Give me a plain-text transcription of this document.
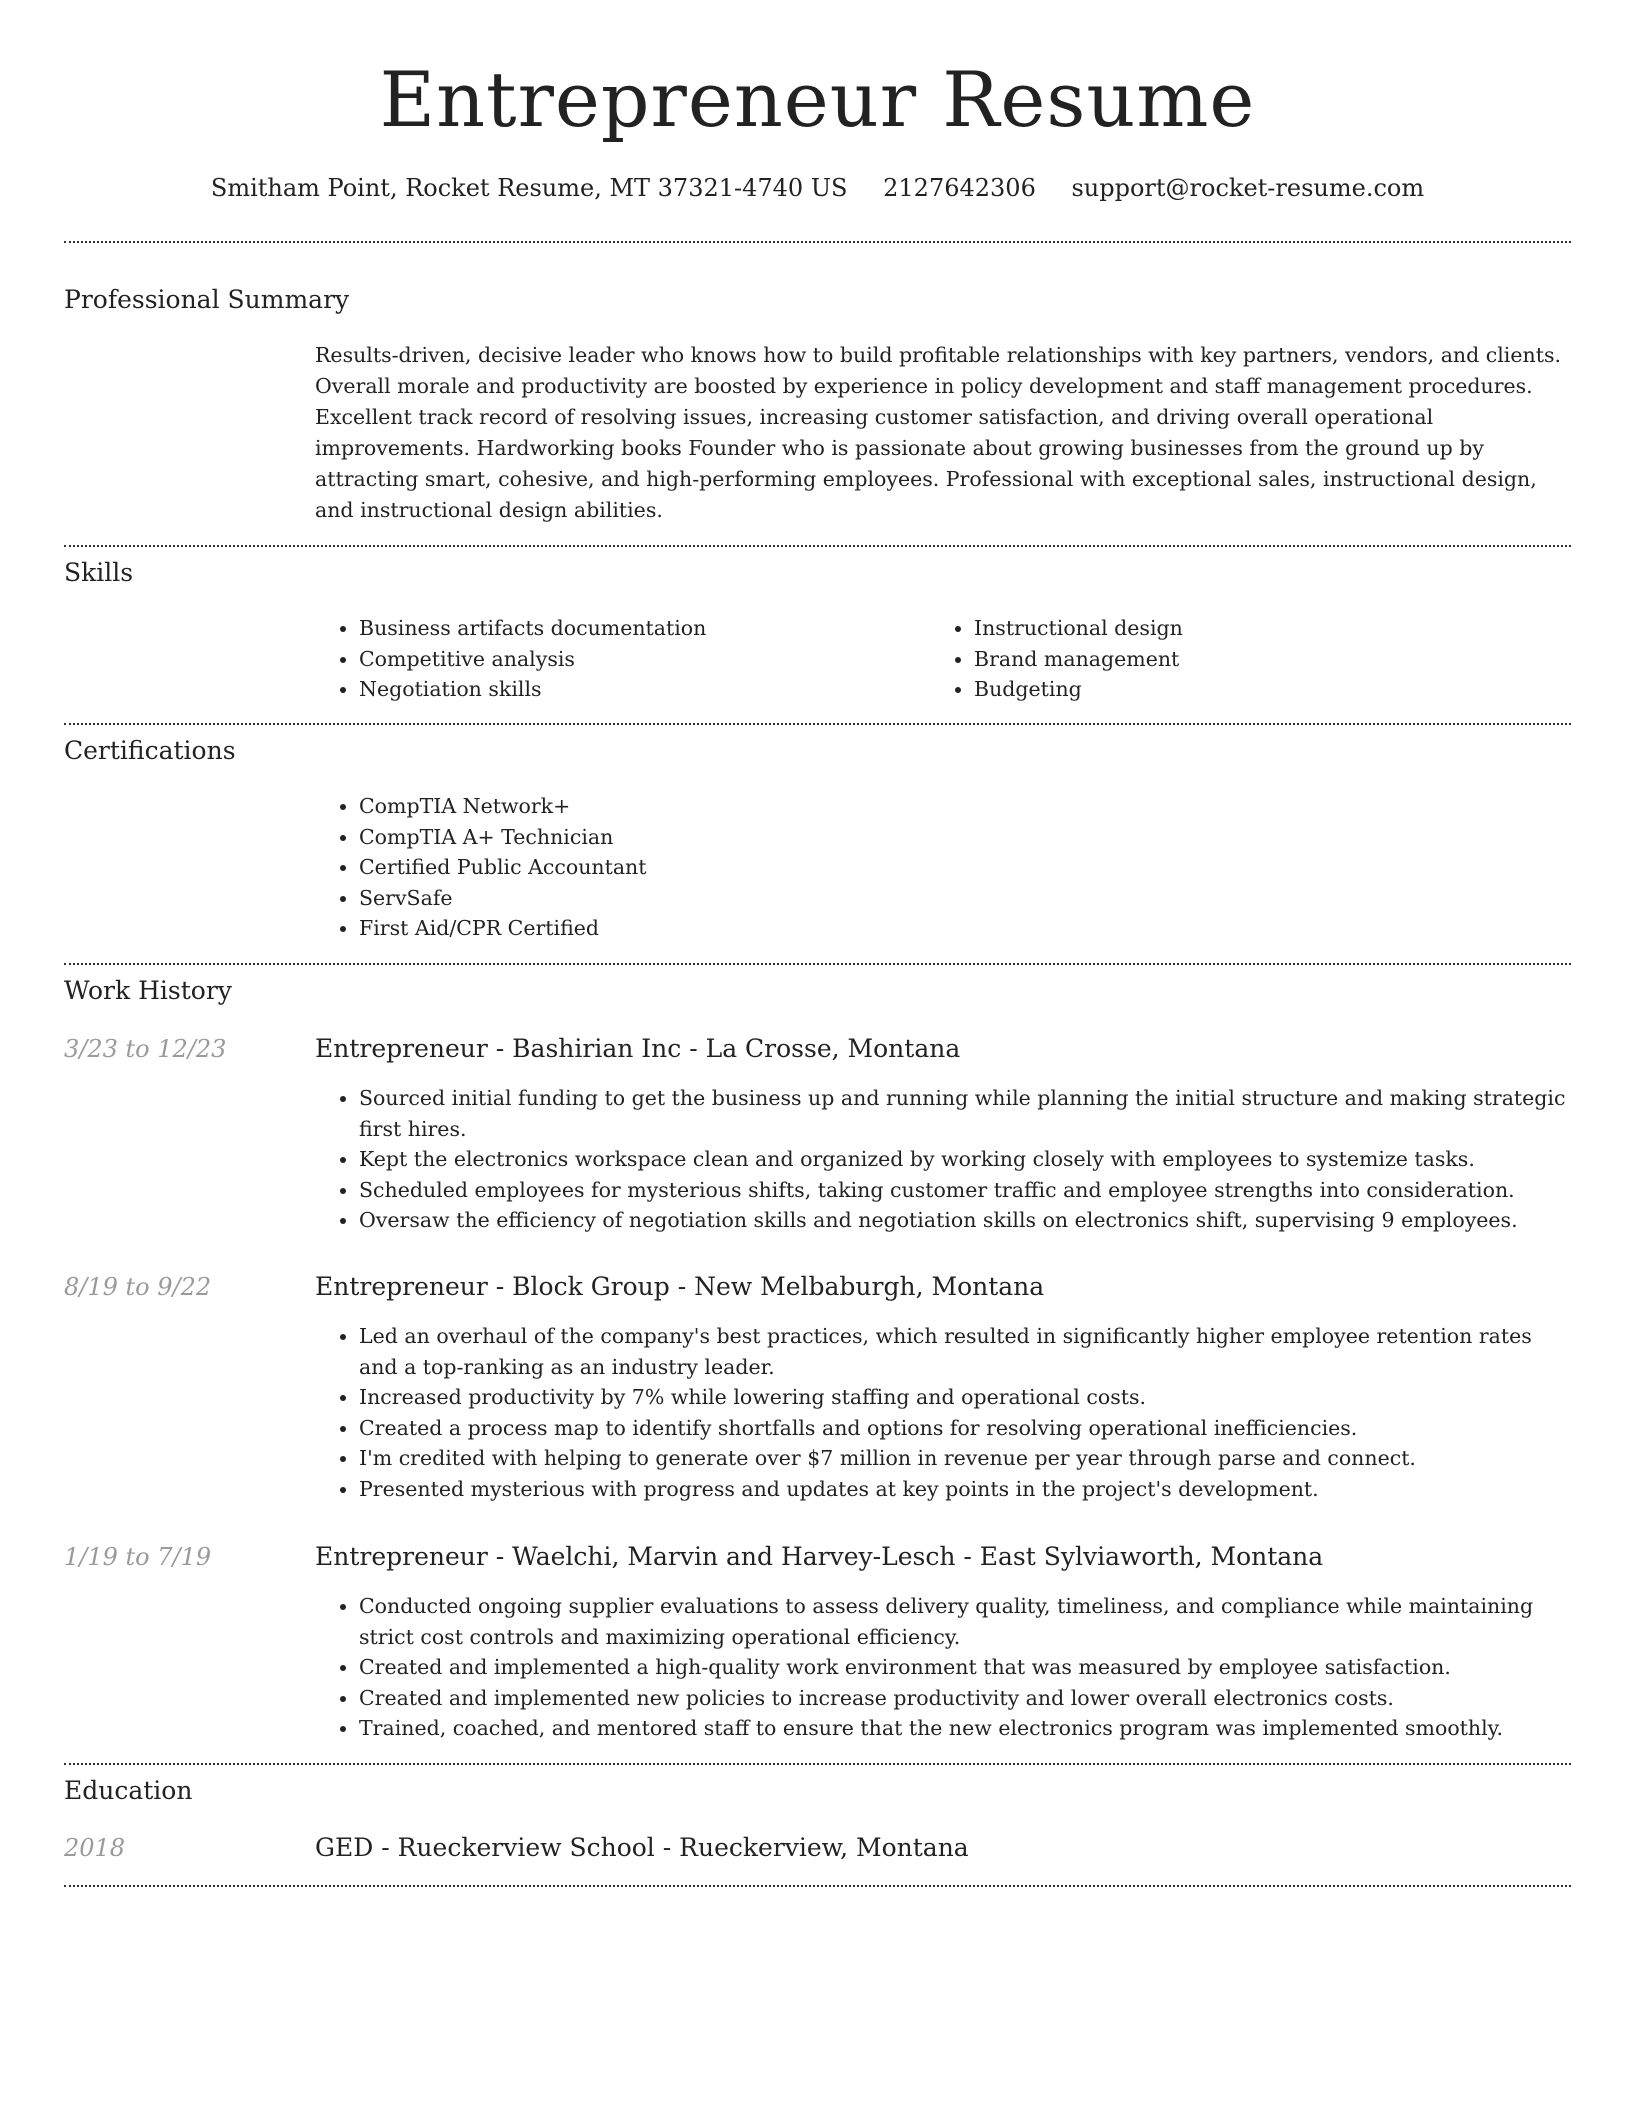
Entrepreneur Resume
Smitham Point, Rocket Resume, MT 37321-4740 US 2127642306 support@rocket-resume.com
Professional Summary

Results-driven, decisive leader who knows how to build profitable relationships with key partners, vendors, and clients. Overall morale and productivity are boosted by experience in policy development and staff management procedures. Excellent track record of resolving issues, increasing customer satisfaction, and driving overall operational improvements. Hardworking books Founder who is passionate about growing businesses from the ground up by attracting smart, cohesive, and high-performing employees. Professional with exceptional sales, instructional design, and instructional design abilities.

Skills
• Business artifacts documentation
• Competitive analysis
• Negotiation skills
• Instructional design
• Brand management
• Budgeting
Certifications
• CompTIA Network+
• CompTIA A+ Technician
• Certified Public Accountant
• ServSafe
• First Aid/CPR Certified
Work History
3/23 to 12/23	Entrepreneur - Bashirian Inc - La Crosse, Montana
• Sourced initial funding to get the business up and running while planning the initial structure and making strategic first hires.
• Kept the electronics workspace clean and organized by working closely with employees to systemize tasks.
• Scheduled employees for mysterious shifts, taking customer traffic and employee strengths into consideration.
• Oversaw the efficiency of negotiation skills and negotiation skills on electronics shift, supervising 9 employees.
8/19 to 9/22	Entrepreneur - Block Group - New Melbaburgh, Montana
• Led an overhaul of the company's best practices, which resulted in significantly higher employee retention rates and a top-ranking as an industry leader.
• Increased productivity by 7% while lowering staffing and operational costs.
• Created a process map to identify shortfalls and options for resolving operational inefficiencies.
• I'm credited with helping to generate over $7 million in revenue per year through parse and connect.
• Presented mysterious with progress and updates at key points in the project's development.
1/19 to 7/19	Entrepreneur - Waelchi, Marvin and Harvey-Lesch - East Sylviaworth, Montana
• Conducted ongoing supplier evaluations to assess delivery quality, timeliness, and compliance while maintaining strict cost controls and maximizing operational efficiency.
• Created and implemented a high-quality work environment that was measured by employee satisfaction.
• Created and implemented new policies to increase productivity and lower overall electronics costs.
• Trained, coached, and mentored staff to ensure that the new electronics program was implemented smoothly.
Education
2018	GED - Rueckerview School - Rueckerview, Montana
